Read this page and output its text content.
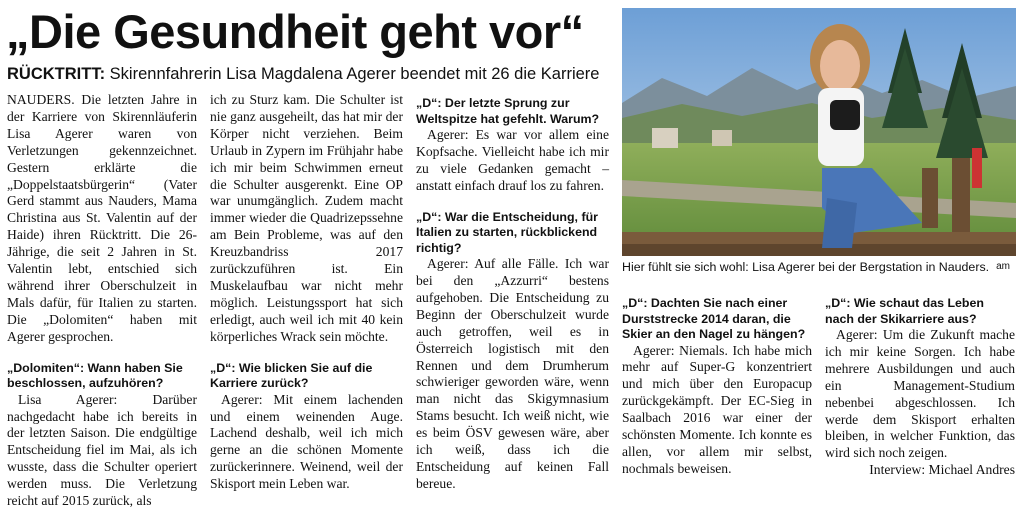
„Die Gesundheit geht vor“
RÜCKTRITT: Skirennfahrerin Lisa Magdalena Agerer beendet mit 26 die Karriere

NAUDERS. Die letzten Jahre in der Karriere von Skirennläuferin Lisa Agerer waren von Verletzungen gekennzeichnet. Gestern erklärte die „Doppelstaatsbürgerin“ (Vater Gerd stammt aus Nauders, Mama Christina aus St. Valentin auf der Haide) ihren Rücktritt. Die 26-Jährige, die seit 2 Jahren in St. Valentin lebt, entschied sich während ihrer Oberschulzeit in Mals dafür, für Italien zu starten. Die „Dolomiten“ haben mit Agerer gesprochen.

„Dolomiten“: Wann haben Sie beschlossen, aufzuhören?

Lisa Agerer: Darüber nachgedacht habe ich bereits in der letzten Saison. Die endgültige Entscheidung fiel im Mai, als ich wusste, dass die Schulter operiert werden muss. Die Verletzung reicht auf 2015 zurück, als

ich zu Sturz kam. Die Schulter ist nie ganz ausgeheilt, das hat mir der Körper nicht verziehen. Beim Urlaub in Zypern im Frühjahr habe ich mir beim Schwimmen erneut die Schulter ausgerenkt. Eine OP war unumgänglich. Zudem macht immer wieder die Quadrizepssehne am Bein Probleme, was auf den Kreuzbandriss 2017 zurückzuführen ist. Ein Muskelaufbau war nicht mehr möglich. Leistungssport hat sich erledigt, auch weil ich mit 40 kein körperliches Wrack sein möchte.

„D“: Wie blicken Sie auf die Karriere zurück?

Agerer: Mit einem lachenden und einem weinenden Auge. Lachend deshalb, weil ich mich gerne an die schönen Momente zurückerinnere. Weinend, weil der Skisport mein Leben war.

„D“: Der letzte Sprung zur Weltspitze hat gefehlt. Warum?

Agerer: Es war vor allem eine Kopfsache. Vielleicht habe ich mir zu viele Gedanken gemacht – anstatt einfach drauf los zu fahren.

„D“: War die Entscheidung, für Italien zu starten, rückblickend richtig?

Agerer: Auf alle Fälle. Ich war bei den „Azzurri“ bestens aufgehoben. Die Entscheidung zu Beginn der Oberschulzeit wurde auch getroffen, weil es in Österreich logistisch mit den Rennen und dem Drumherum schwieriger geworden wäre, wenn man nicht das Skigymnasium Stams besucht. Ich weiß nicht, wie es beim ÖSV gewesen wäre, aber ich weiß, dass ich die Entscheidung auf keinen Fall bereue.

Hier fühlt sie sich wohl: Lisa Agerer bei der Bergstation in Nauders. am

„D“: Dachten Sie nach einer Durststrecke 2014 daran, die Skier an den Nagel zu hängen?

Agerer: Niemals. Ich habe mich mehr auf Super-G konzentriert und mich über den Europacup zurückgekämpft. Der EC-Sieg in Saalbach 2016 war einer der schönsten Momente. Ich konnte es allen, vor allem mir selbst, nochmals beweisen.

„D“: Wie schaut das Leben nach der Skikarriere aus?

Agerer: Um die Zukunft mache ich mir keine Sorgen. Ich habe mehrere Ausbildungen und auch ein Management-Studium nebenbei abgeschlossen. Ich werde dem Skisport erhalten bleiben, in welcher Funktion, das wird sich noch zeigen.

Interview: Michael Andres
